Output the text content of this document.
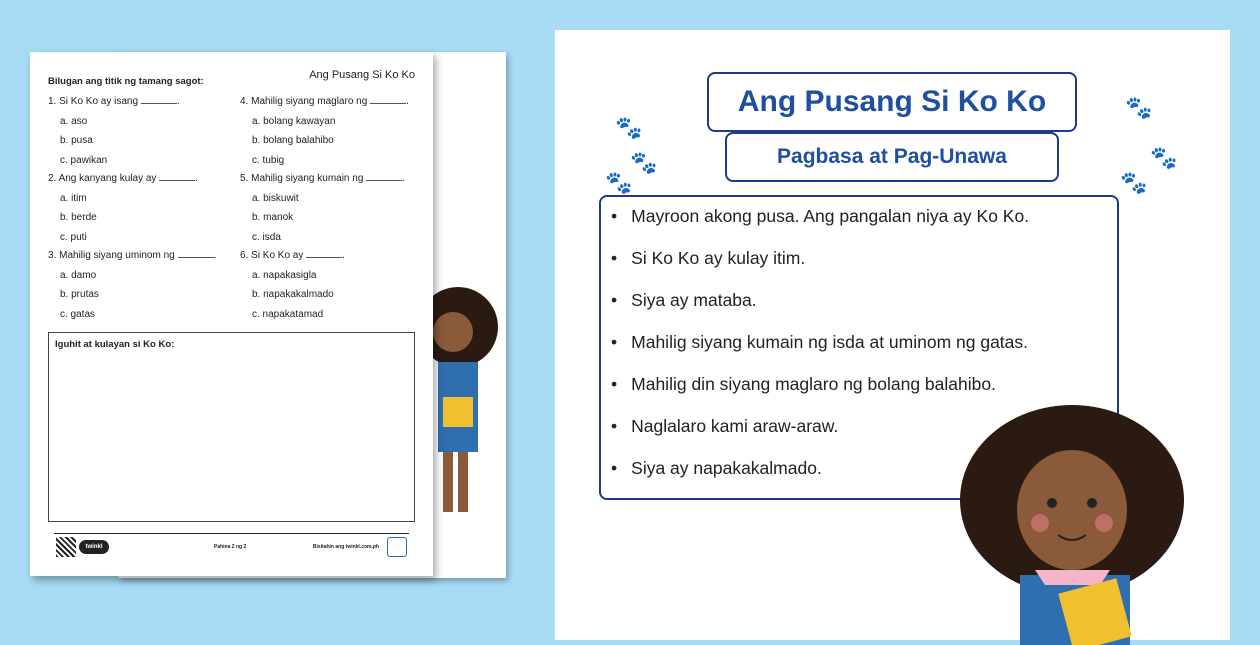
Bilugan ang titik ng tamang sagot:
Ang Pusang Si Ko Ko
1. Si Ko Ko ay isang	.
a. aso
b. pusa
c. pawikan
2. Ang kanyang kulay ay	.
a. itim
b. berde
c. puti
3. Mahilig siyang uminom ng	.
a. damo
b. prutas
c. gatas
4. Mahilig siyang maglaro ng	.
a. bolang kawayan
b. bolang balahibo
c. tubig
5. Mahilig siyang kumain ng	.
a. biskuwit
b. manok
c. isda
6. Si Ko Ko ay	.
a. napakasigla
b. napakakalmado
c. napakatamad
Iguhit at kulayan si Ko Ko:
twinkl	Pahina 2 ng 2	Bisitahin ang twinkl.com.ph
🐾
🐾
🐾
🐾
🐾
🐾
Ang Pusang Si Ko Ko
Pagbasa at Pag-Unawa
• Mayroon akong pusa. Ang pangalan niya ay Ko Ko.
• Si Ko Ko ay kulay itim.
• Siya ay mataba.
• Mahilig siyang kumain ng isda at uminom ng gatas.
• Mahilig din siyang maglaro ng bolang balahibo.
• Naglalaro kami araw-araw.
• Siya ay napakakalmado.
